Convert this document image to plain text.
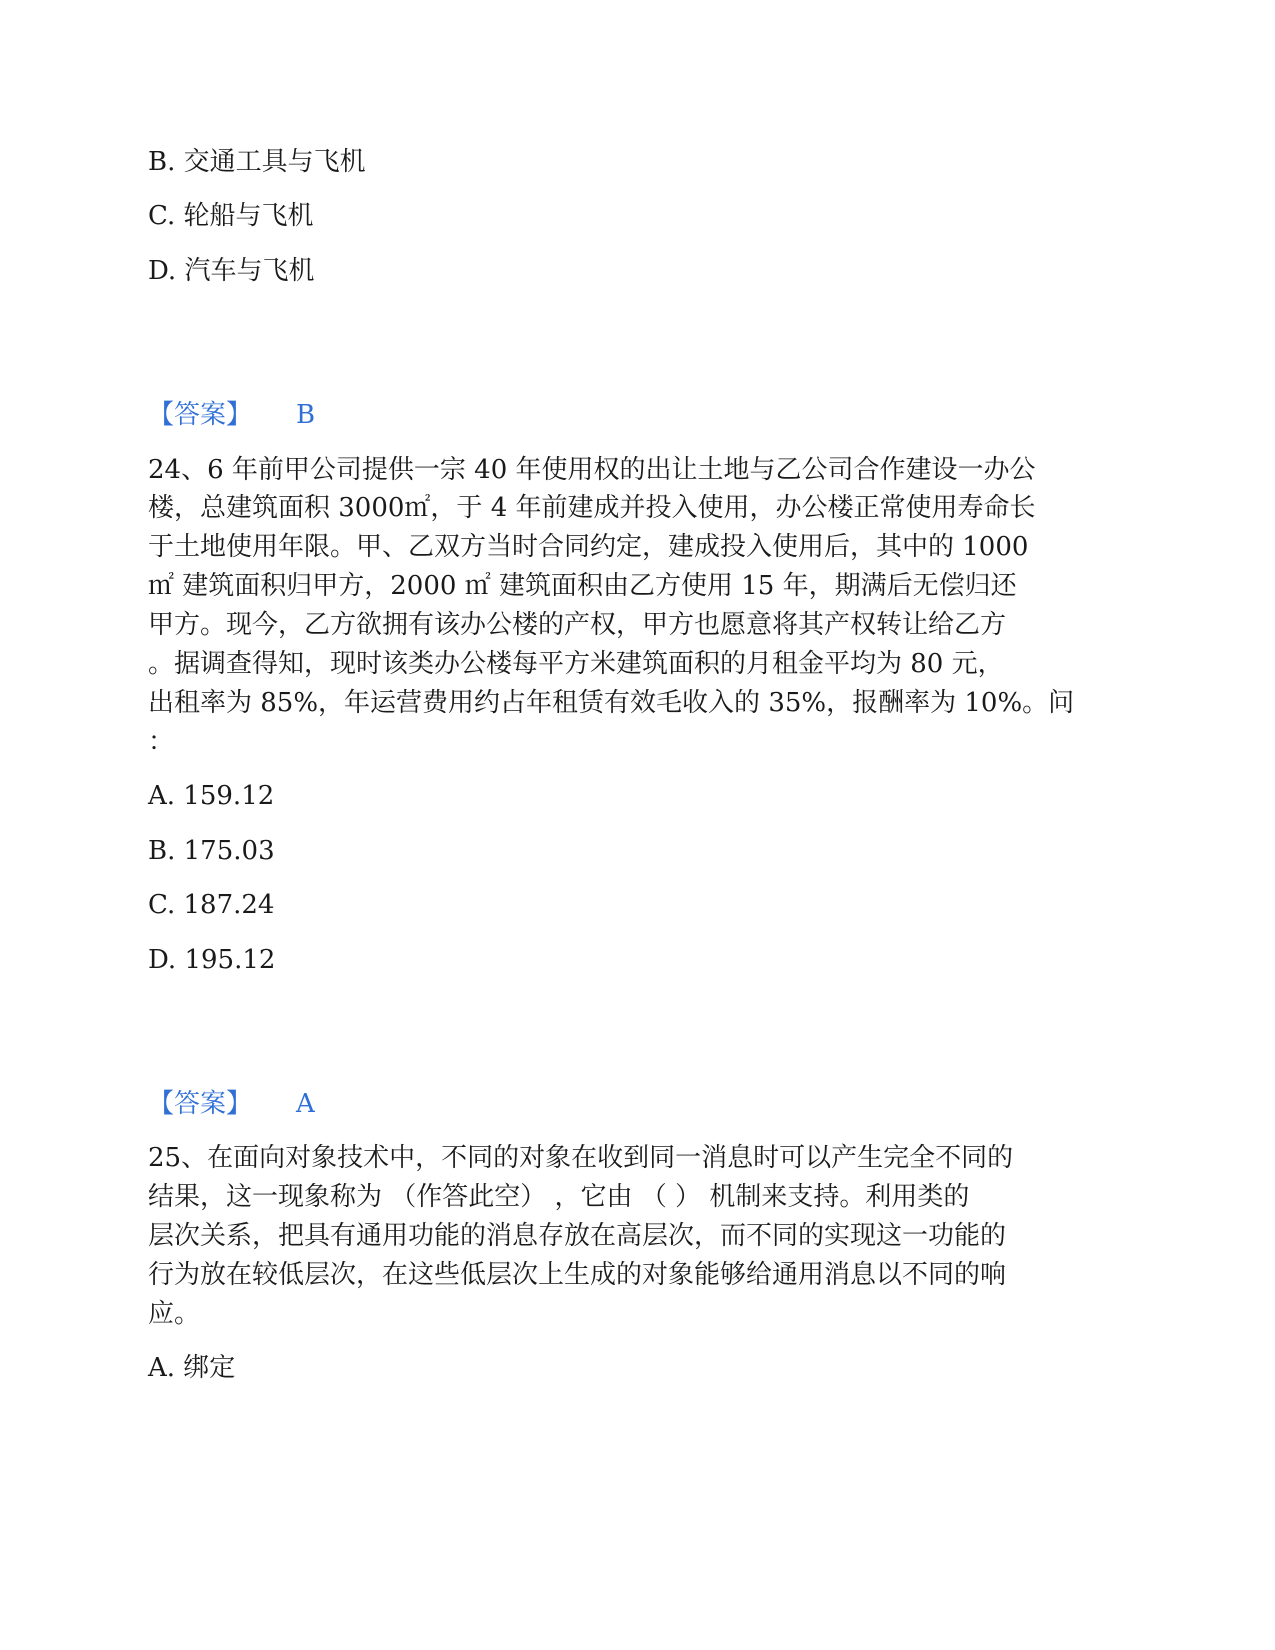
B. 交通工具与飞机
C. 轮船与飞机
D. 汽车与飞机
【答案】 B
24、6 年前甲公司提供一宗 40 年使用权的出让土地与乙公司合作建设一办公
楼，总建筑面积 3000㎡，于 4 年前建成并投入使用，办公楼正常使用寿命长
于土地使用年限。甲、乙双方当时合同约定，建成投入使用后，其中的 1000
㎡ 建筑面积归甲方，2000 ㎡ 建筑面积由乙方使用 15 年，期满后无偿归还
甲方。现今，乙方欲拥有该办公楼的产权，甲方也愿意将其产权转让给乙方
。据调查得知，现时该类办公楼每平方米建筑面积的月租金平均为 80 元，
出租率为 85%，年运营费用约占年租赁有效毛收入的 35%，报酬率为 10%。问
：
A. 159.12
B. 175.03
C. 187.24
D. 195.12
【答案】 A
25、在面向对象技术中，不同的对象在收到同一消息时可以产生完全不同的
结果，这一现象称为 （作答此空） ，它由 （ ） 机制来支持。利用类的
层次关系，把具有通用功能的消息存放在高层次，而不同的实现这一功能的
行为放在较低层次，在这些低层次上生成的对象能够给通用消息以不同的响
应。
A. 绑定
